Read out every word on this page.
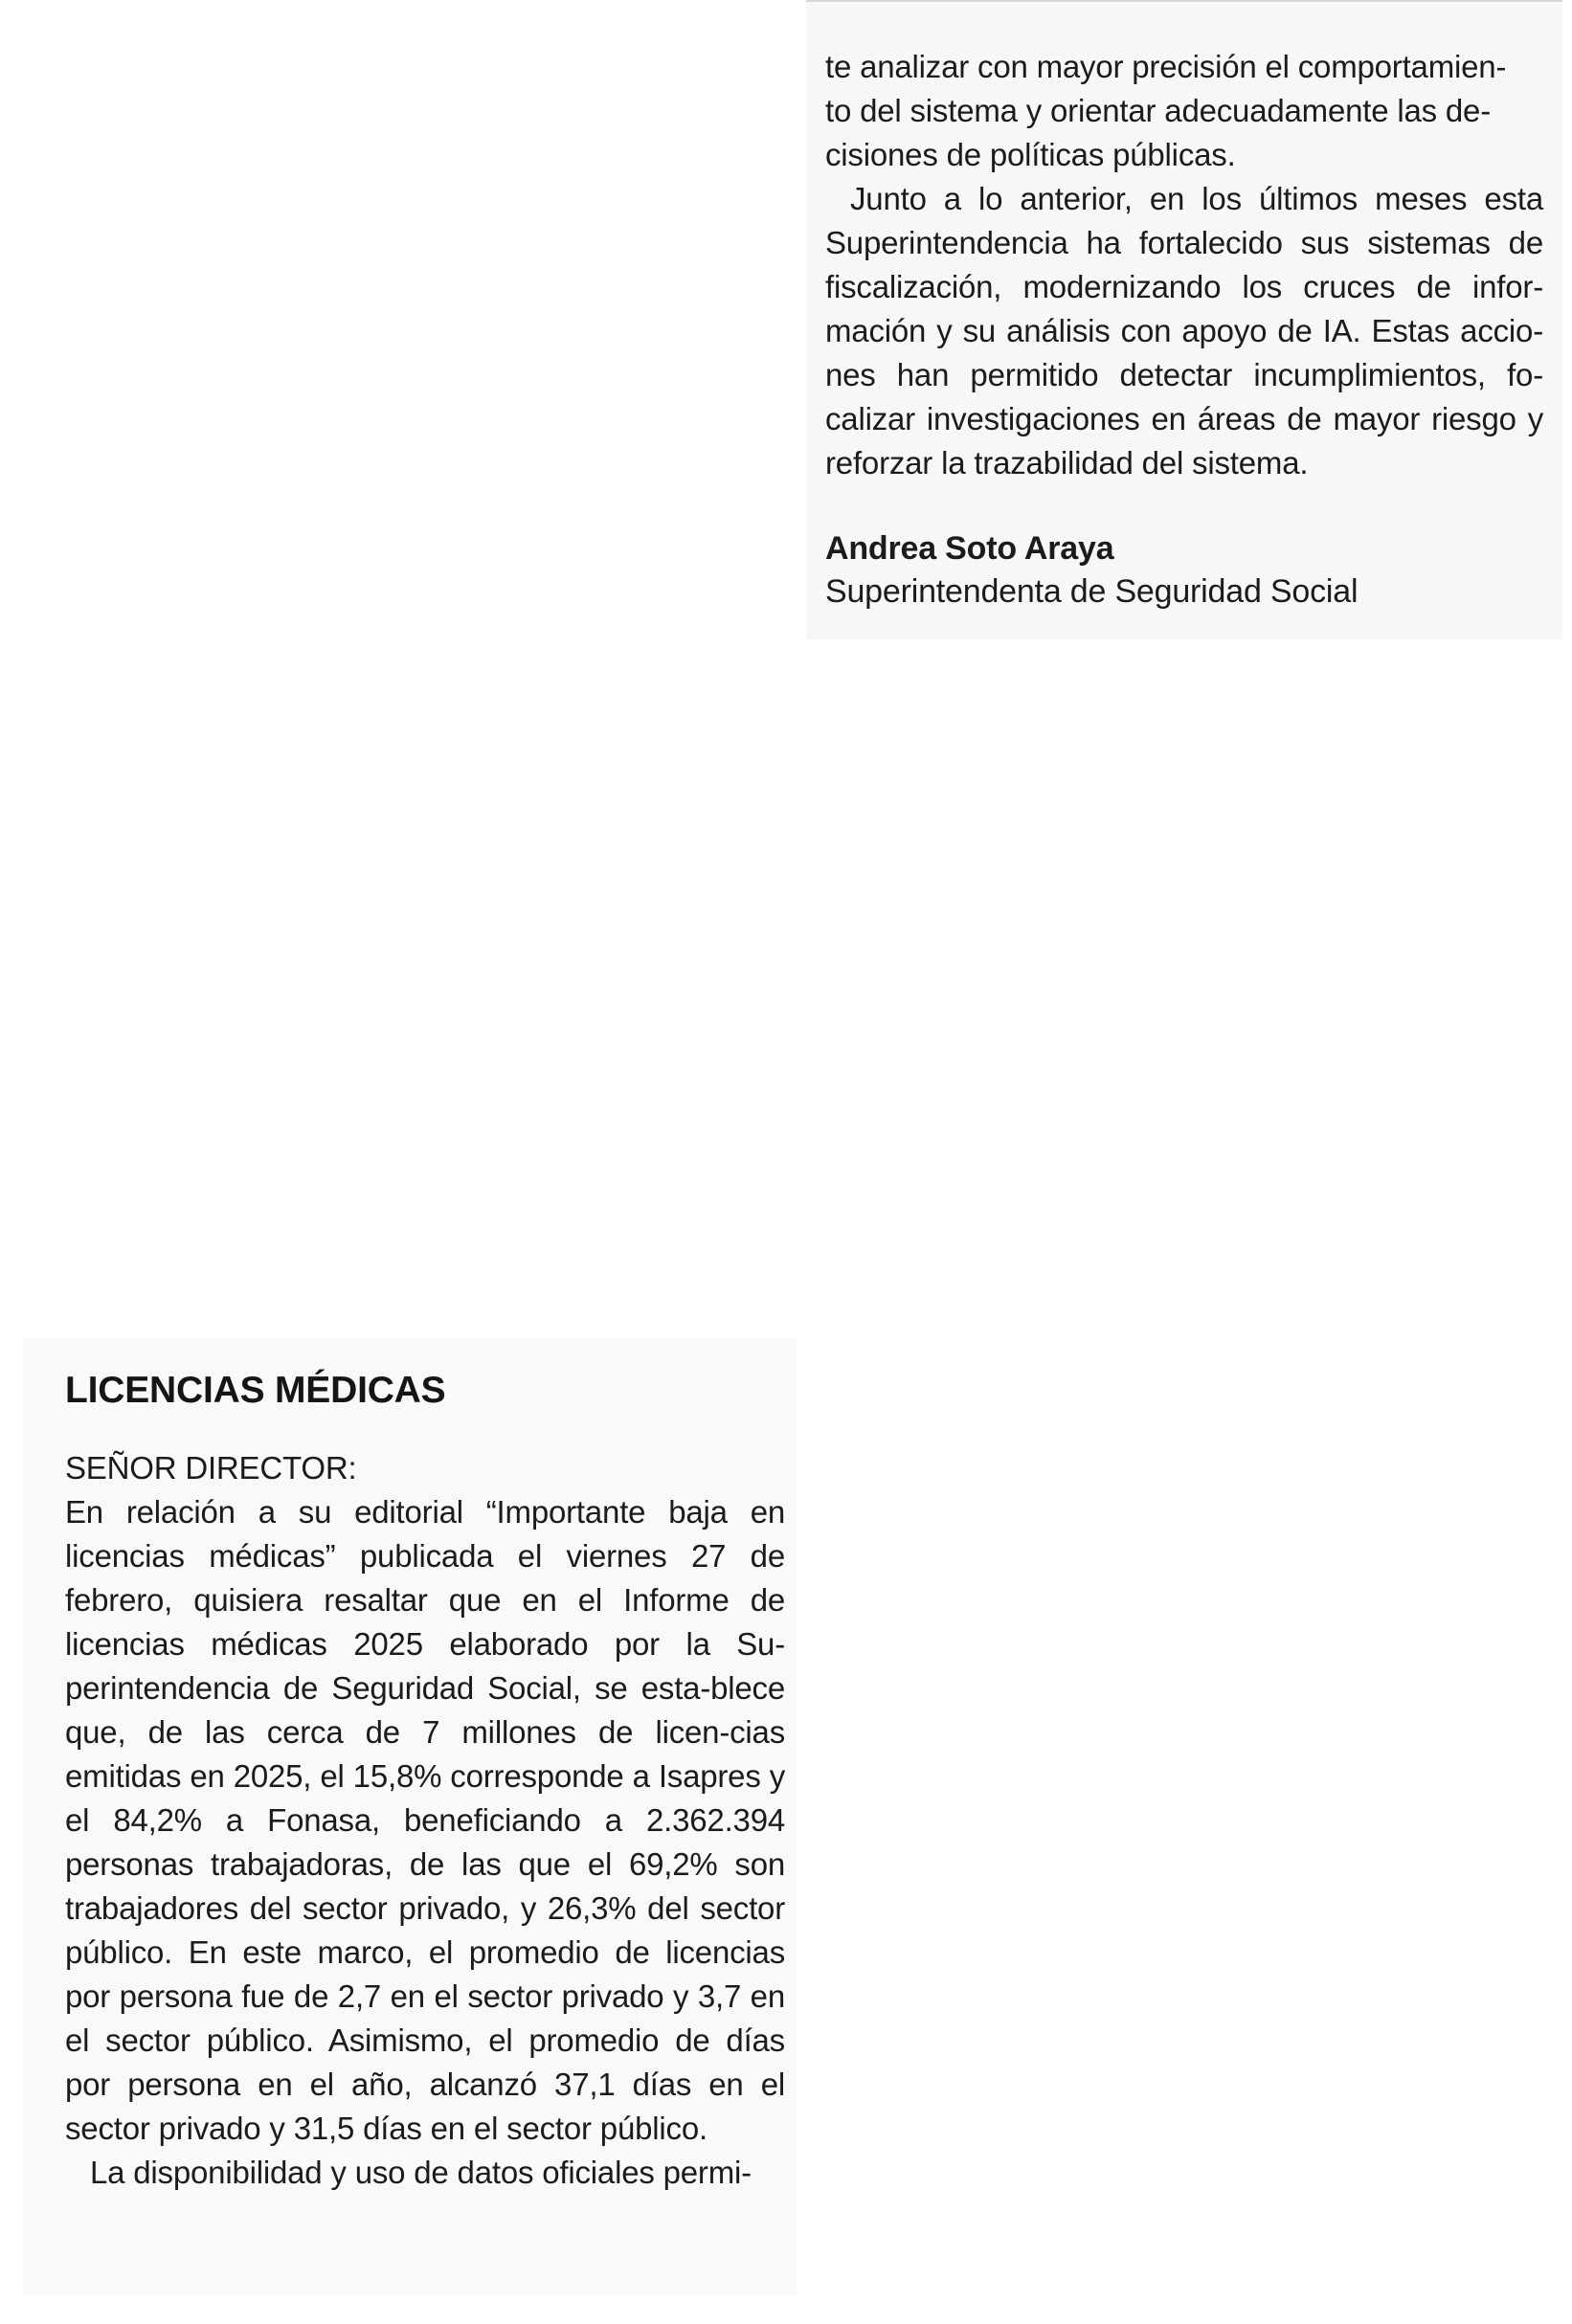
te analizar con mayor precisión el comportamien-
to del sistema y orientar adecuadamente las de-
cisiones de políticas públicas.

Junto a lo anterior, en los últimos meses esta Superintendencia ha fortalecido sus sistemas de fiscalización, modernizando los cruces de infor-mación y su análisis con apoyo de IA. Estas accio-nes han permitido detectar incumplimientos, fo-calizar investigaciones en áreas de mayor riesgo y reforzar la trazabilidad del sistema.

Andrea Soto Araya

Superintendenta de Seguridad Social

LICENCIAS MÉDICAS

SEÑOR DIRECTOR:

En relación a su editorial “Importante baja en licencias médicas” publicada el viernes 27 de febrero, quisiera resaltar que en el Informe de licencias médicas 2025 elaborado por la Su-perintendencia de Seguridad Social, se esta-blece que, de las cerca de 7 millones de licen-cias emitidas en 2025, el 15,8% corresponde a Isapres y el 84,2% a Fonasa, beneficiando a 2.362.394 personas trabajadoras, de las que el 69,2% son trabajadores del sector privado, y 26,3% del sector público. En este marco, el promedio de licencias por persona fue de 2,7 en el sector privado y 3,7 en el sector público. Asimismo, el promedio de días por persona en el año, alcanzó 37,1 días en el sector privado y 31,5 días en el sector público.

La disponibilidad y uso de datos oficiales permi-
